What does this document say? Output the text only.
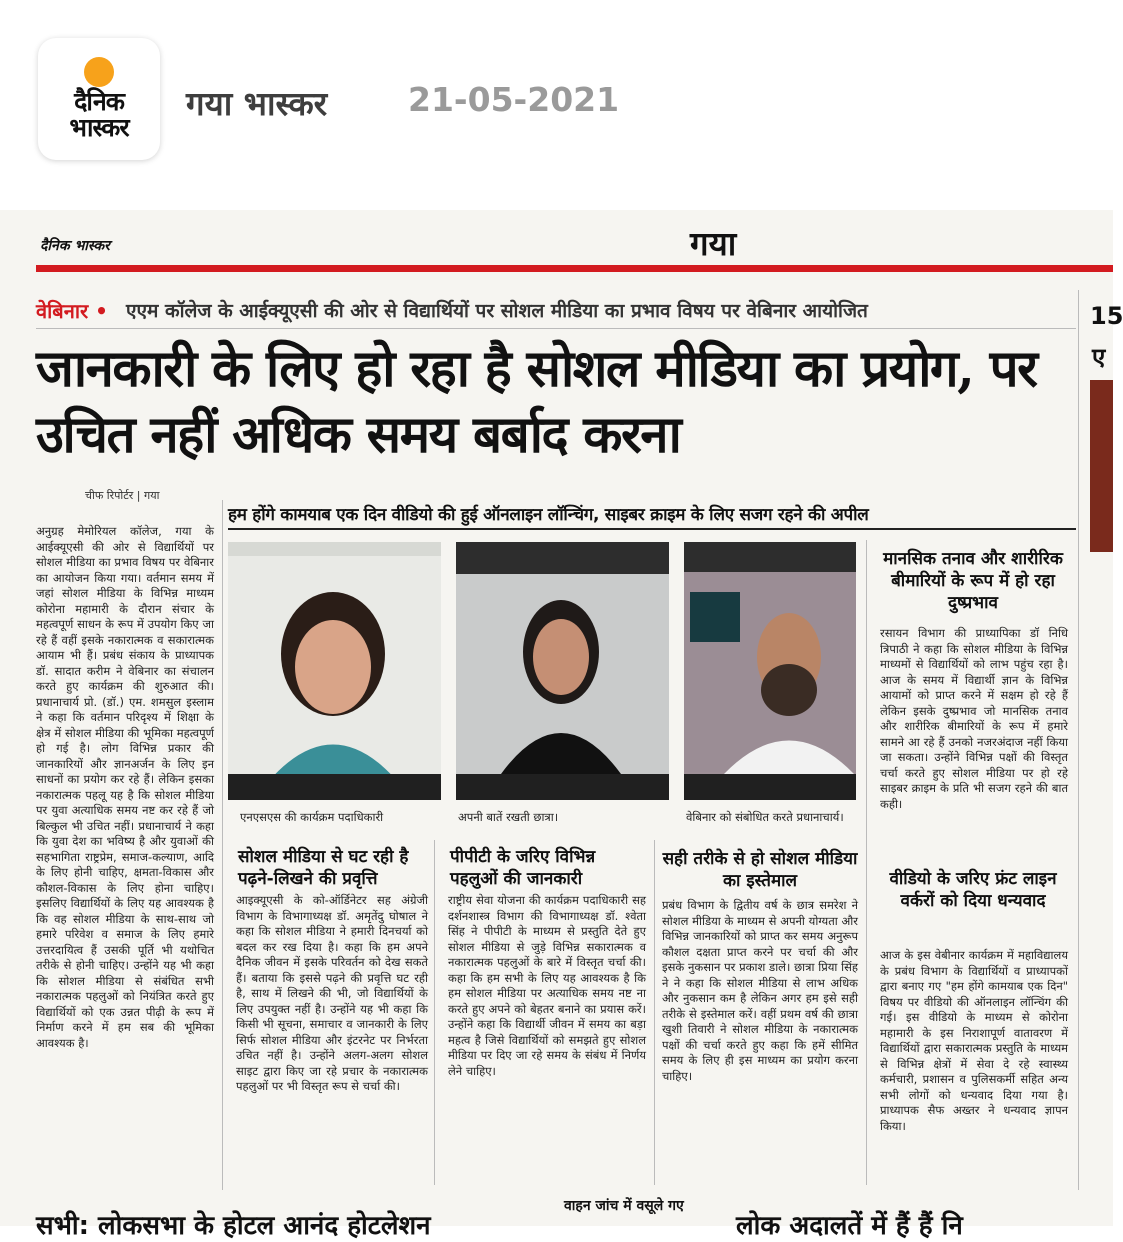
दैनिक
भास्कर
गया भास्कर 21-05-2021
दैनिक भास्कर	गया
वेबिनार • एएम कॉलेज के आईक्यूएसी की ओर से विद्यार्थियों पर सोशल मीडिया का प्रभाव विषय पर वेबिनार आयोजित
जानकारी के लिए हो रहा है सोशल मीडिया का प्रयोग, पर उचित नहीं अधिक समय बर्बाद करना
चीफ रिपोर्टर | गया
हम होंगे कामयाब एक दिन वीडियो की हुई ऑनलाइन लॉन्चिंग, साइबर क्राइम के लिए सजग रहने की अपील
अनुग्रह मेमोरियल कॉलेज, गया के आईक्यूएसी की ओर से विद्यार्थियों पर सोशल मीडिया का प्रभाव विषय पर वेबिनार का आयोजन किया गया। वर्तमान समय में जहां सोशल मीडिया के विभिन्न माध्यम कोरोना महामारी के दौरान संचार के महत्वपूर्ण साधन के रूप में उपयोग किए जा रहे हैं वहीं इसके नकारात्मक व सकारात्मक आयाम भी हैं। प्रबंध संकाय के प्राध्यापक डॉ. सादात करीम ने वेबिनार का संचालन करते हुए कार्यक्रम की शुरुआत की। प्रधानाचार्य प्रो. (डॉ.) एम. शमसुल इस्लाम ने कहा कि वर्तमान परिदृश्य में शिक्षा के क्षेत्र में सोशल मीडिया की भूमिका महत्वपूर्ण हो गई है। लोग विभिन्न प्रकार की जानकारियों और ज्ञानअर्जन के लिए इन साधनों का प्रयोग कर रहे हैं। लेकिन इसका नकारात्मक पहलू यह है कि सोशल मीडिया पर युवा अत्याधिक समय नष्ट कर रहे हैं जो बिल्कुल भी उचित नहीं। प्रधानाचार्य ने कहा कि युवा देश का भविष्य है और युवाओं की सहभागिता राष्ट्रप्रेम, समाज-कल्याण, आदि के लिए होनी चाहिए, क्षमता-विकास और कौशल-विकास के लिए होना चाहिए। इसलिए विद्यार्थियों के लिए यह आवश्यक है कि वह सोशल मीडिया के साथ-साथ जो हमारे परिवेश व समाज के लिए हमारे उत्तरदायित्व हैं उसकी पूर्ति भी यथोचित तरीके से होनी चाहिए। उन्होंने यह भी कहा कि सोशल मीडिया से संबंधित सभी नकारात्मक पहलुओं को नियंत्रित करते हुए विद्यार्थियों को एक उन्नत पीढ़ी के रूप में निर्माण करने में हम सब की भूमिका आवश्यक है।
एनएसएस की कार्यक्रम पदाधिकारी	अपनी बातें रखती छात्रा।	वेबिनार को संबोधित करते प्रधानाचार्य।
सोशल मीडिया से घट रही है पढ़ने-लिखने की प्रवृत्ति
आइक्यूएसी के को-ऑर्डिनेटर सह अंग्रेजी विभाग के विभागाध्यक्ष डॉ. अमृतेंदु घोषाल ने कहा कि सोशल मीडिया ने हमारी दिनचर्या को बदल कर रख दिया है। कहा कि हम अपने दैनिक जीवन में इसके परिवर्तन को देख सकते हैं। बताया कि इससे पढ़ने की प्रवृत्ति घट रही है, साथ में लिखने की भी, जो विद्यार्थियों के लिए उपयुक्त नहीं है। उन्होंने यह भी कहा कि किसी भी सूचना, समाचार व जानकारी के लिए सिर्फ सोशल मीडिया और इंटरनेट पर निर्भरता उचित नहीं है। उन्होंने अलग-अलग सोशल साइट द्वारा किए जा रहे प्रचार के नकारात्मक पहलुओं पर भी विस्तृत रूप से चर्चा की।
पीपीटी के जरिए विभिन्न पहलुओं की जानकारी
राष्ट्रीय सेवा योजना की कार्यक्रम पदाधिकारी सह दर्शनशास्त्र विभाग की विभागाध्यक्ष डॉ. श्वेता सिंह ने पीपीटी के माध्यम से प्रस्तुति देते हुए सोशल मीडिया से जुड़े विभिन्न सकारात्मक व नकारात्मक पहलुओं के बारे में विस्तृत चर्चा की। कहा कि हम सभी के लिए यह आवश्यक है कि हम सोशल मीडिया पर अत्याधिक समय नष्ट ना करते हुए अपने को बेहतर बनाने का प्रयास करें। उन्होंने कहा कि विद्यार्थी जीवन में समय का बड़ा महत्व है जिसे विद्यार्थियों को समझते हुए सोशल मीडिया पर दिए जा रहे समय के संबंध में निर्णय लेने चाहिए।
सही तरीके से हो सोशल मीडिया का इस्तेमाल
प्रबंध विभाग के द्वितीय वर्ष के छात्र समरेश ने सोशल मीडिया के माध्यम से अपनी योग्यता और विभिन्न जानकारियों को प्राप्त कर समय अनुरूप कौशल दक्षता प्राप्त करने पर चर्चा की और इसके नुकसान पर प्रकाश डाले। छात्रा प्रिया सिंह ने ने कहा कि सोशल मीडिया से लाभ अधिक और नुकसान कम है लेकिन अगर हम इसे सही तरीके से इस्तेमाल करें। वहीं प्रथम वर्ष की छात्रा खुशी तिवारी ने सोशल मीडिया के नकारात्मक पक्षों की चर्चा करते हुए कहा कि हमें सीमित समय के लिए ही इस माध्यम का प्रयोग करना चाहिए।
मानसिक तनाव और शारीरिक बीमारियों के रूप में हो रहा दुष्प्रभाव
रसायन विभाग की प्राध्यापिका डॉ निधि त्रिपाठी ने कहा कि सोशल मीडिया के विभिन्न माध्यमों से विद्यार्थियों को लाभ पहुंच रहा है। आज के समय में विद्यार्थी ज्ञान के विभिन्न आयामों को प्राप्त करने में सक्षम हो रहे हैं लेकिन इसके दुष्प्रभाव जो मानसिक तनाव और शारीरिक बीमारियों के रूप में हमारे सामने आ रहे हैं उनको नजरअंदाज नहीं किया जा सकता। उन्होंने विभिन्न पक्षों की विस्तृत चर्चा करते हुए सोशल मीडिया पर हो रहे साइबर क्राइम के प्रति भी सजग रहने की बात कही।
वीडियो के जरिए फ्रंट लाइन वर्करों को दिया धन्यवाद
आज के इस वेबीनार कार्यक्रम में महाविद्यालय के प्रबंध विभाग के विद्यार्थियों व प्राध्यापकों द्वारा बनाए गए "हम होंगे कामयाब एक दिन" विषय पर वीडियो की ऑनलाइन लॉन्चिंग की गई। इस वीडियो के माध्यम से कोरोना महामारी के इस निराशापूर्ण वातावरण में विद्यार्थियों द्वारा सकारात्मक प्रस्तुति के माध्यम से विभिन्न क्षेत्रों में सेवा दे रहे स्वास्थ्य कर्मचारी, प्रशासन व पुलिसकर्मी सहित अन्य सभी लोगों को धन्यवाद दिया गया है। प्राध्यापक सैफ अख्तर ने धन्यवाद ज्ञापन किया।
15
ए
सभी: लोकसभा के होटल आनंद होटलेशन
वाहन जांच में वसूले गए
लोक अदालतें में हैं हैं नि
